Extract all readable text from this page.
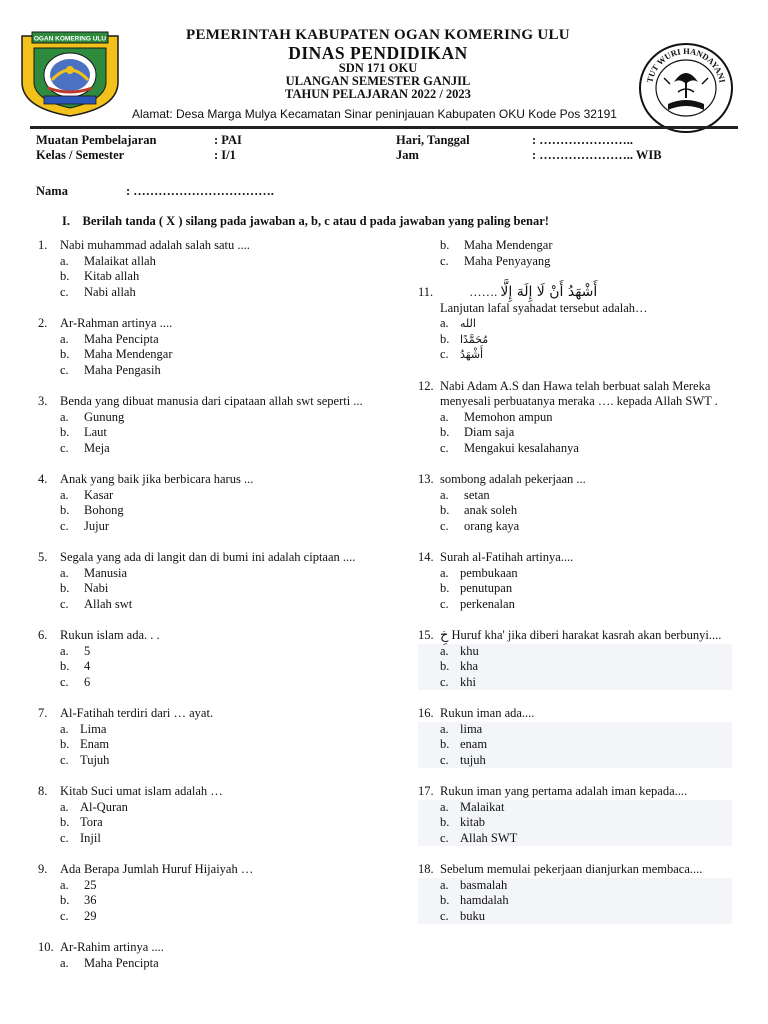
OGAN KOMERING ULU	PEMERINTAH KABUPATEN OGAN KOMERING ULU
DINAS PENDIDIKAN
SDN 171 OKU
ULANGAN SEMESTER GANJIL
TAHUN PELAJARAN 2022 / 2023
TUT WURI HANDAYANI
Alamat: Desa Marga Mulya Kecamatan Sinar peninjauan Kabupaten OKU Kode Pos 32191
Muatan Pembelajaran	: PAI	Hari, Tanggal	: …………………..
Kelas / Semester	: I/1	Jam	: ………………….. WIB
Nama	: …………………………….
I. Berilah tanda ( X ) silang pada jawaban a, b, c atau d pada jawaban yang paling benar!
1.	Nabi muhammad adalah salah satu ....
a.	Malaikat allah
b.	Kitab allah
c.	Nabi allah
2.	Ar-Rahman artinya ....
a.	Maha Pencipta
b.	Maha Mendengar
c.	Maha Pengasih
3.	Benda yang dibuat manusia dari cipataan allah swt seperti ...
a.	Gunung
b.	Laut
c.	Meja
4.	Anak yang baik jika berbicara harus ...
a.	Kasar
b.	Bohong
c.	Jujur
5.	Segala yang ada di langit dan di bumi ini adalah ciptaan ....
a.	Manusia
b.	Nabi
c.	Allah swt
6.	Rukun islam ada. . .
a.	5
b.	4
c.	6
7.	Al-Fatihah terdiri dari … ayat.
a. Lima
b. Enam
c. Tujuh
8.	Kitab Suci umat islam adalah …
a. Al-Quran
b. Tora
c. Injil
9.	Ada Berapa Jumlah Huruf Hijaiyah …
a.	25
b.	36
c.	29
10. Ar-Rahim artinya ....
a.	Maha Pencipta
b.	Maha Mendengar
c.	Maha Penyayang
11.	……. أَشْهَدُ أَنْ لَا إِلَهَ إِلَّا
Lanjutan lafal syahadat tersebut adalah…
a.	الله
b. مُحَمَّدًا
c.	أَشْهَدُ
12. Nabi Adam A.S dan Hawa telah berbuat salah Mereka menyesali perbuatanya meraka …. kepada Allah SWT .
a.	Memohon ampun
b.	Diam saja
c.	Mengakui kesalahanya
13. sombong adalah pekerjaan ...
a.	setan
b.	anak soleh
c.	orang kaya
14. Surah al-Fatihah artinya....
a. pembukaan
b. penutupan
c. perkenalan
15. خِ Huruf kha' jika diberi harakat kasrah akan berbunyi....
a. khu
b. kha
c. khi
16. Rukun iman ada....
a. lima
b. enam
c. tujuh
17. Rukun iman yang pertama adalah iman kepada....
a. Malaikat
b. kitab
c. Allah SWT
18. Sebelum memulai pekerjaan dianjurkan membaca....
a. basmalah
b. hamdalah
c. buku
